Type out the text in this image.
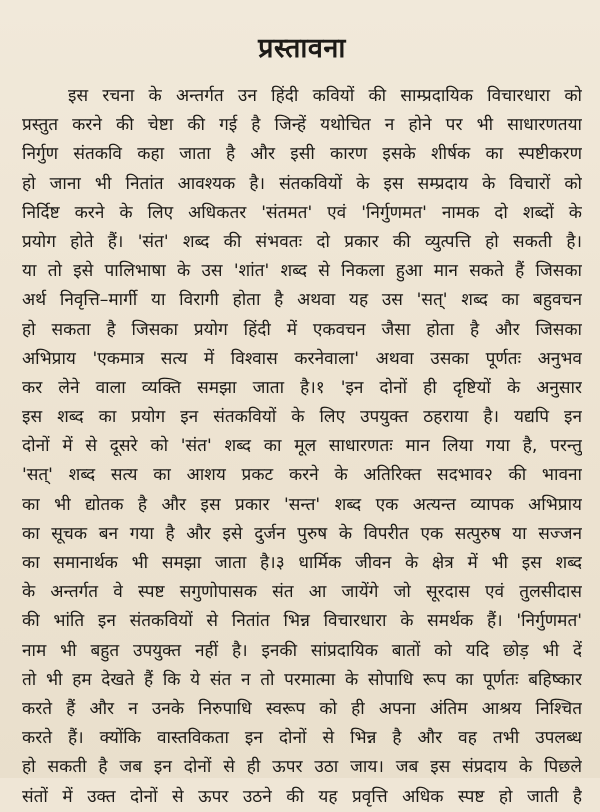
प्रस्तावना
इस रचना के अन्तर्गत उन हिंदी कवियों की साम्प्रदायिक विचारधारा को
प्रस्तुत करने की चेष्टा की गई है जिन्हें यथोचित न होने पर भी साधारणतया
निर्गुण संतकवि कहा जाता है और इसी कारण इसके शीर्षक का स्पष्टीकरण
हो जाना भी नितांत आवश्यक है। संतकवियों के इस सम्प्रदाय के विचारों को
निर्दिष्ट करने के लिए अधिकतर 'संतमत' एवं 'निर्गुणमत' नामक दो शब्दों के
प्रयोग होते हैं। 'संत' शब्द की संभवतः दो प्रकार की व्युत्पत्ति हो सकती है।
या तो इसे पालिभाषा के उस 'शांत' शब्द से निकला हुआ मान सकते हैं जिसका
अर्थ निवृत्ति–मार्गी या विरागी होता है अथवा यह उस 'सत्' शब्द का बहुवचन
हो सकता है जिसका प्रयोग हिंदी में एकवचन जैसा होता है और जिसका
अभिप्राय 'एकमात्र सत्य में विश्वास करनेवाला' अथवा उसका पूर्णतः अनुभव
कर लेने वाला व्यक्ति समझा जाता है।१ 'इन दोनों ही दृष्टियों के अनुसार
इस शब्द का प्रयोग इन संतकवियों के लिए उपयुक्त ठहराया है। यद्यपि इन
दोनों में से दूसरे को 'संत' शब्द का मूल साधारणतः मान लिया गया है, परन्तु
'सत्' शब्द सत्य का आशय प्रकट करने के अतिरिक्त सदभाव२ की भावना
का भी द्योतक है और इस प्रकार 'सन्त' शब्द एक अत्यन्त व्यापक अभिप्राय
का सूचक बन गया है और इसे दुर्जन पुरुष के विपरीत एक सत्पुरुष या सज्जन
का समानार्थक भी समझा जाता है।३ धार्मिक जीवन के क्षेत्र में भी इस शब्द
के अन्तर्गत वे स्पष्ट सगुणोपासक संत आ जायेंगे जो सूरदास एवं तुलसीदास
की भांति इन संतकवियों से नितांत भिन्न विचारधारा के समर्थक हैं। 'निर्गुणमत'
नाम भी बहुत उपयुक्त नहीं है। इनकी सांप्रदायिक बातों को यदि छोड़ भी दें
तो भी हम देखते हैं कि ये संत न तो परमात्मा के सोपाधि रूप का पूर्णतः बहिष्कार
करते हैं और न उनके निरुपाधि स्वरूप को ही अपना अंतिम आश्रय निश्चित
करते हैं। क्योंकि वास्तविकता इन दोनों से भिन्न है और वह तभी उपलब्ध
हो सकती है जब इन दोनों से ही ऊपर उठा जाय। जब इस संप्रदाय के पिछले
संतों में उक्त दोनों से ऊपर उठने की यह प्रवृत्ति अधिक स्पष्ट हो जाती है
